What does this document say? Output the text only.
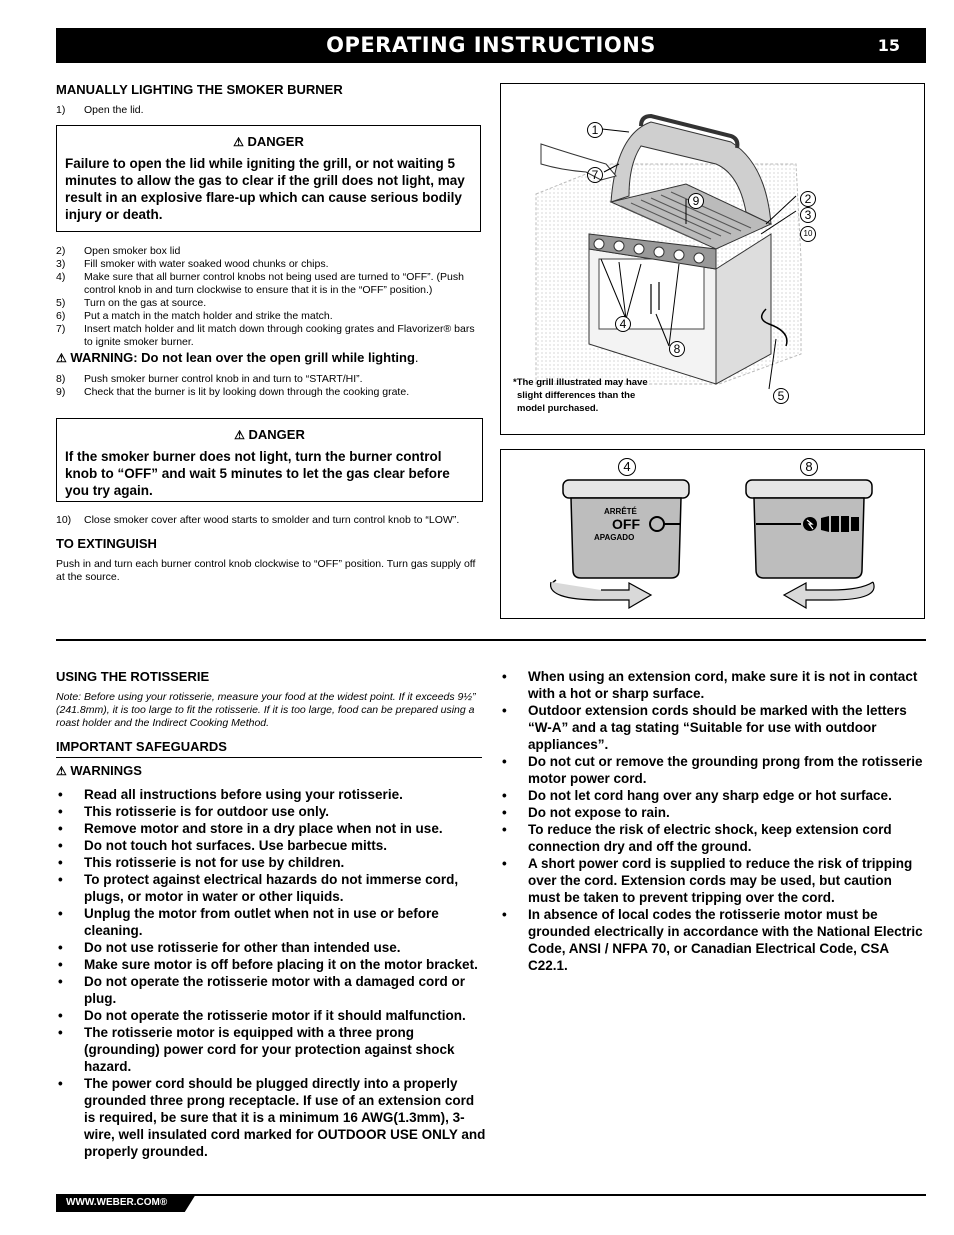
OPERATING INSTRUCTIONS	15
MANUALLY LIGHTING THE SMOKER BURNER
1) Open the lid.
⚠ DANGER
Failure to open the lid while igniting the grill, or not waiting 5 minutes to allow the gas to clear if the grill does not light, may result in an explosive flare-up which can cause serious bodily injury or death.
2) Open smoker box lid
3) Fill smoker with water soaked wood chunks or chips.
4) Make sure that all burner control knobs not being used are turned to “OFF”. (Push control knob in and turn clockwise to ensure that it is in the “OFF” position.)
5) Turn on the gas at source.
6) Put a match in the match holder and strike the match.
7) Insert match holder and lit match down through cooking grates and Flavorizer® bars to ignite smoker burner.
⚠ WARNING: Do not lean over the open grill while lighting.
8) Push smoker burner control knob in and turn to “START/HI”.
9) Check that the burner is lit by looking down through the cooking grate.
⚠ DANGER
If the smoker burner does not light, turn the burner control knob to “OFF” and wait 5 minutes to let the gas clear before you try again.
10) Close smoker cover after wood starts to smolder and turn control knob to “LOW”.
TO EXTINGUISH
Push in and turn each burner control knob clockwise to “OFF” position. Turn gas supply off at the source.
1
7
9	2
3
10
4
8
5
*The grill illustrated may have
slight differences than the
model purchased.
4	8
ARRÊTÉ
OFF
APAGADO
USING THE ROTISSERIE
Note: Before using your rotisserie, measure your food at the widest point. If it exceeds 9½” (241.8mm), it is too large to fit the rotisserie. If it is too large, food can be prepared using a roast holder and the Indirect Cooking Method.
IMPORTANT SAFEGUARDS
⚠ WARNINGS
• Read all instructions before using your rotisserie.
• This rotisserie is for outdoor use only.
• Remove motor and store in a dry place when not in use.
• Do not touch hot surfaces. Use barbecue mitts.
• This rotisserie is not for use by children.
• To protect against electrical hazards do not immerse cord, plugs, or motor in water or other liquids.
• Unplug the motor from outlet when not in use or before cleaning.
• Do not use rotisserie for other than intended use.
• Make sure motor is off before placing it on the motor bracket.
• Do not operate the rotisserie motor with a damaged cord or plug.
• Do not operate the rotisserie motor if it should malfunction.
• The rotisserie motor is equipped with a three prong (grounding) power cord for your protection against shock hazard.
• The power cord should be plugged directly into a properly grounded three prong receptacle. If use of an extension cord is required, be sure that it is a minimum 16 AWG(1.3mm), 3-wire, well insulated cord marked for OUTDOOR USE ONLY and properly grounded.
• When using an extension cord, make sure it is not in contact with a hot or sharp surface.
• Outdoor extension cords should be marked with the letters “W-A” and a tag stating “Suitable for use with outdoor appliances”.
• Do not cut or remove the grounding prong from the rotisserie motor power cord.
• Do not let cord hang over any sharp edge or hot surface.
• Do not expose to rain.
• To reduce the risk of electric shock, keep extension cord connection dry and off the ground.
• A short power cord is supplied to reduce the risk of tripping over the cord. Extension cords may be used, but caution must be taken to prevent tripping over the cord.
• In absence of local codes the rotisserie motor must be grounded electrically in accordance with the National Electric Code, ANSI / NFPA 70, or Canadian Electrical Code, CSA C22.1.
WWW.WEBER.COM®
